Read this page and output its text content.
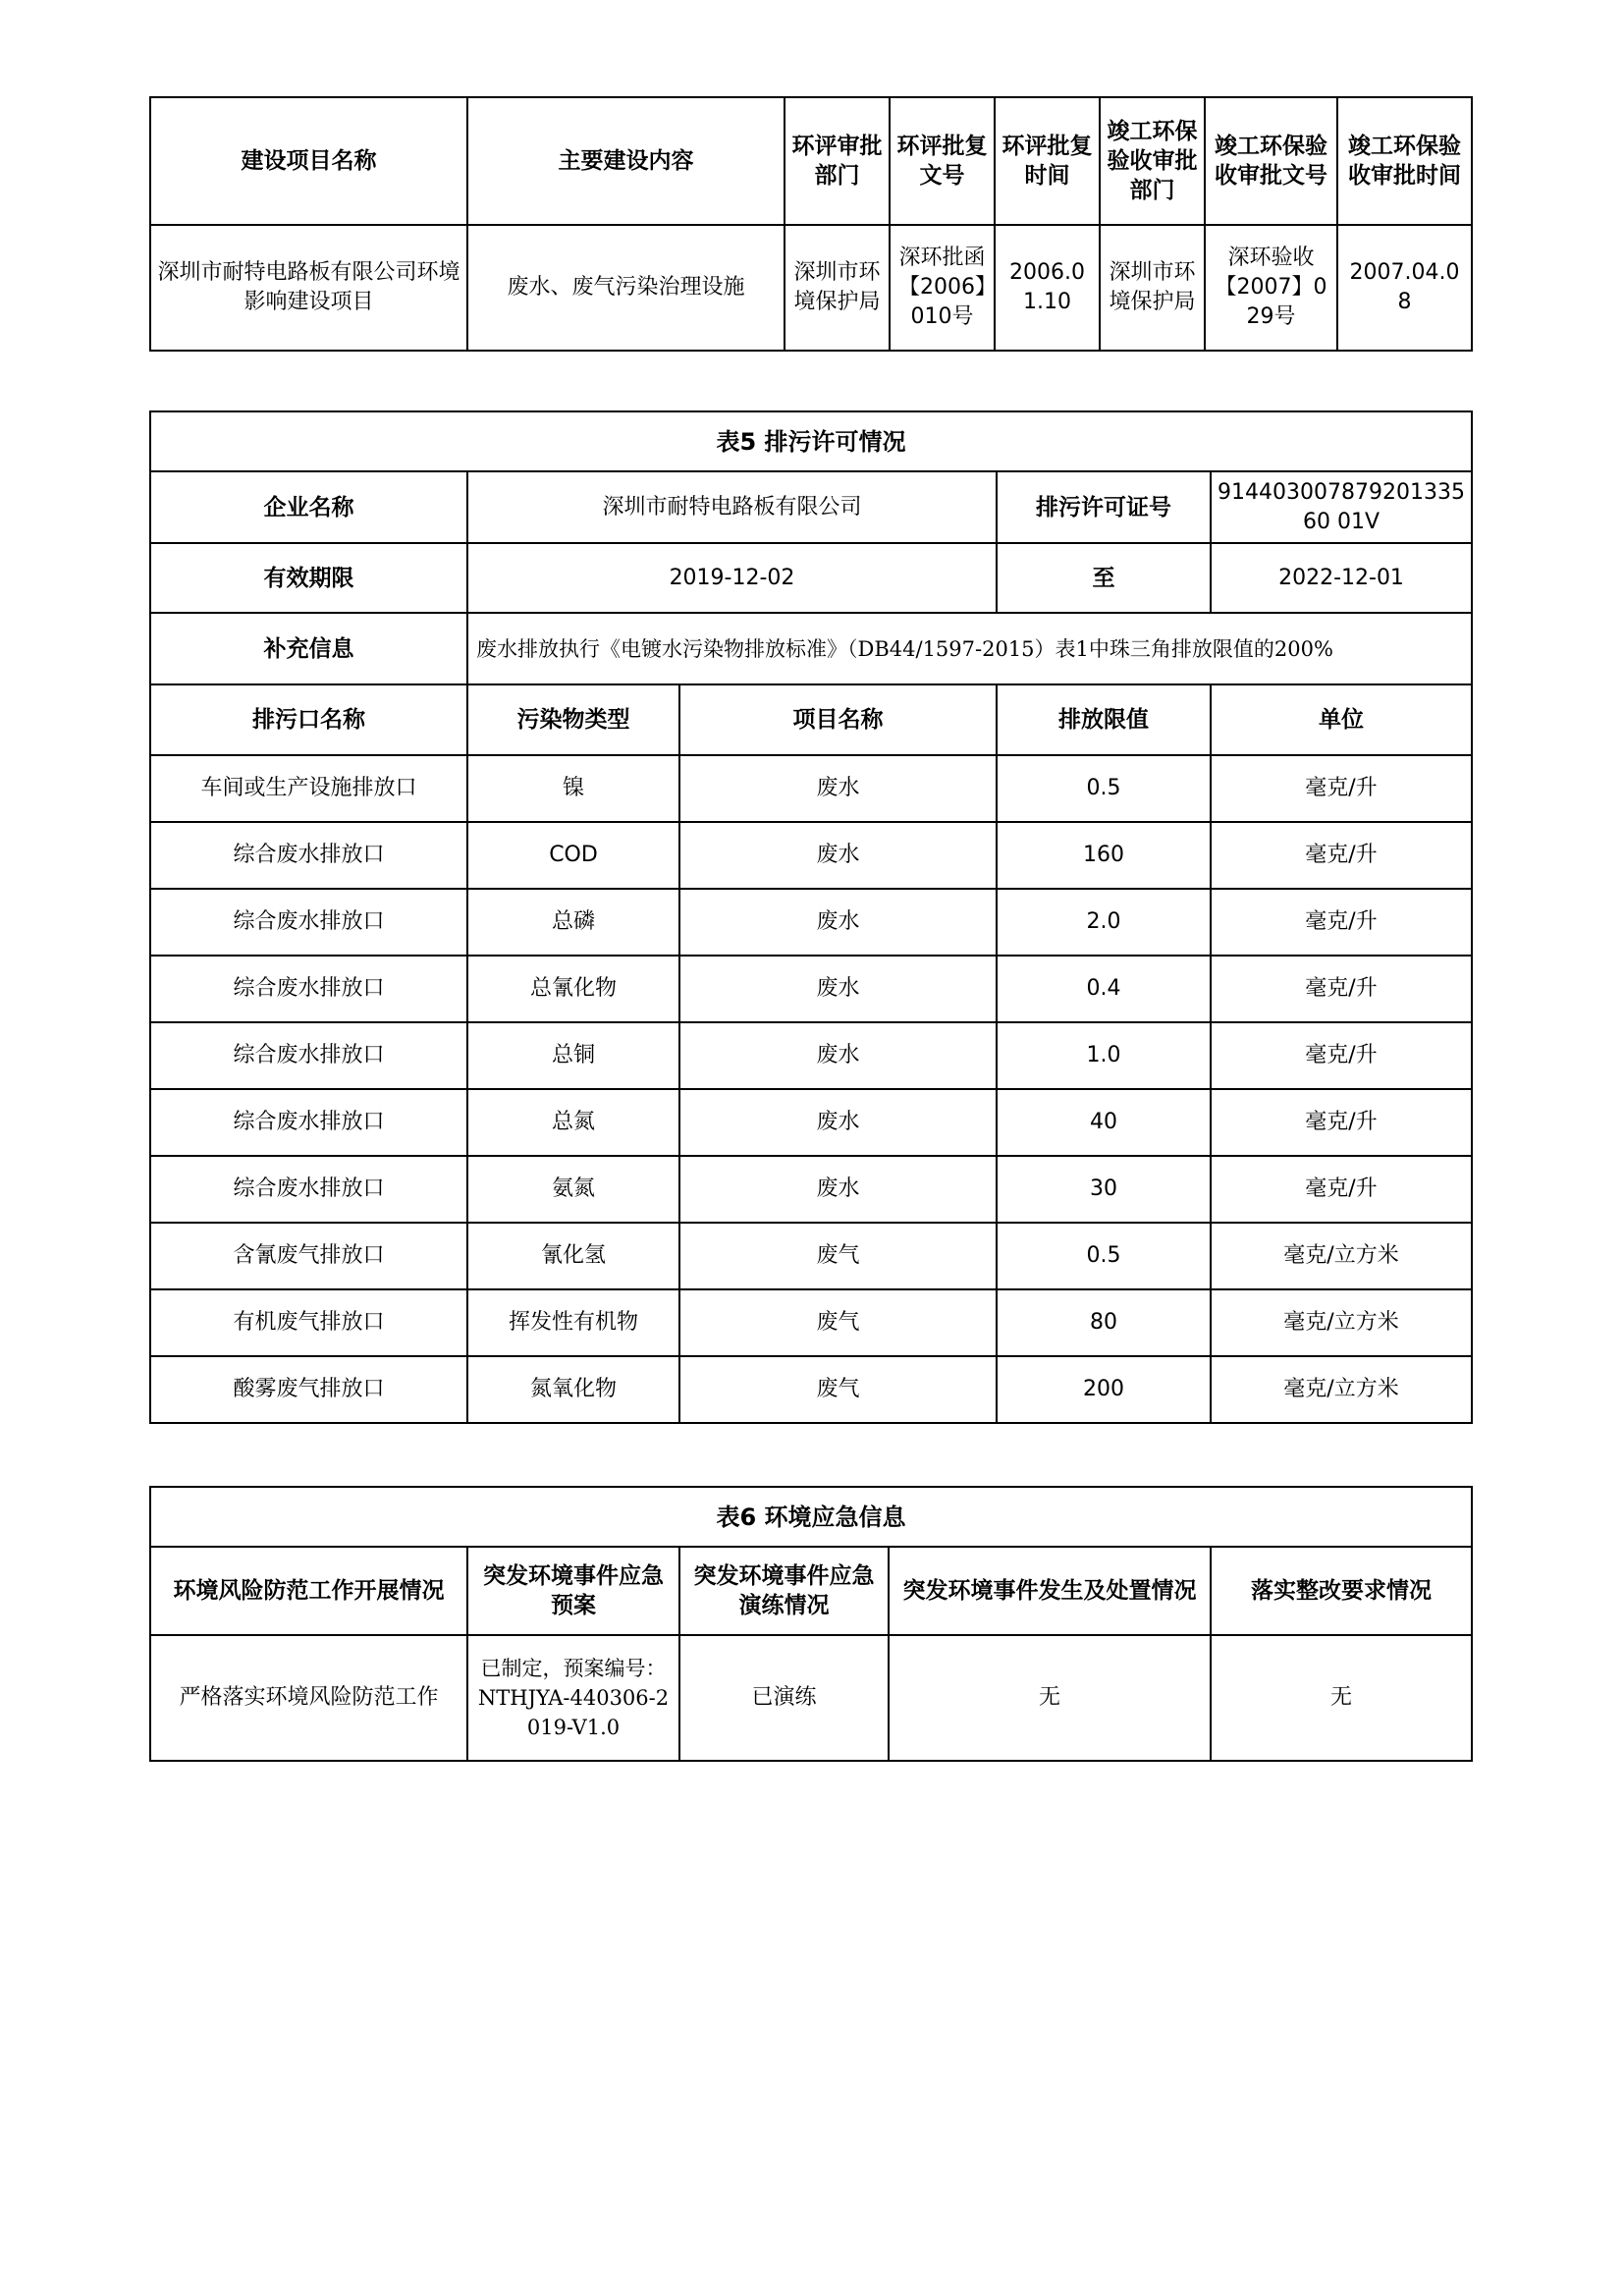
建设项目名称	主要建设内容	环评审批部门	环评批复文号	环评批复时间	竣工环保验收审批部门	竣工环保验收审批文号	竣工环保验收审批时间
深圳市耐特电路板有限公司环境影响建设项目	废水、废气污染治理设施	深圳市环境保护局	深环批函【2006】010号	2006.01.10	深圳市环境保护局	深环验收【2007】029号	2007.04.08
表5 排污许可情况				
企业名称	深圳市耐特电路板有限公司		排污许可证号	91440300787920133560 01V
有效期限	2019-12-02		至	2022-12-01
补充信息	废水排放执行《电镀水污染物排放标准》（DB44/1597-2015）表1中珠三角排放限值的200%			
排污口名称	污染物类型	项目名称	排放限值	单位
车间或生产设施排放口	镍	废水	0.5	毫克/升
综合废水排放口	COD	废水	160	毫克/升
综合废水排放口	总磷	废水	2.0	毫克/升
综合废水排放口	总氰化物	废水	0.4	毫克/升
综合废水排放口	总铜	废水	1.0	毫克/升
综合废水排放口	总氮	废水	40	毫克/升
综合废水排放口	氨氮	废水	30	毫克/升
含氰废气排放口	氰化氢	废气	0.5	毫克/立方米
有机废气排放口	挥发性有机物	废气	80	毫克/立方米
酸雾废气排放口	氮氧化物	废气	200	毫克/立方米
表6 环境应急信息				
环境风险防范工作开展情况	突发环境事件应急预案	突发环境事件应急演练情况	突发环境事件发生及处置情况	落实整改要求情况
严格落实环境风险防范工作	已制定，预案编号：NTHJYA-440306-2019-V1.0	已演练	无	无
